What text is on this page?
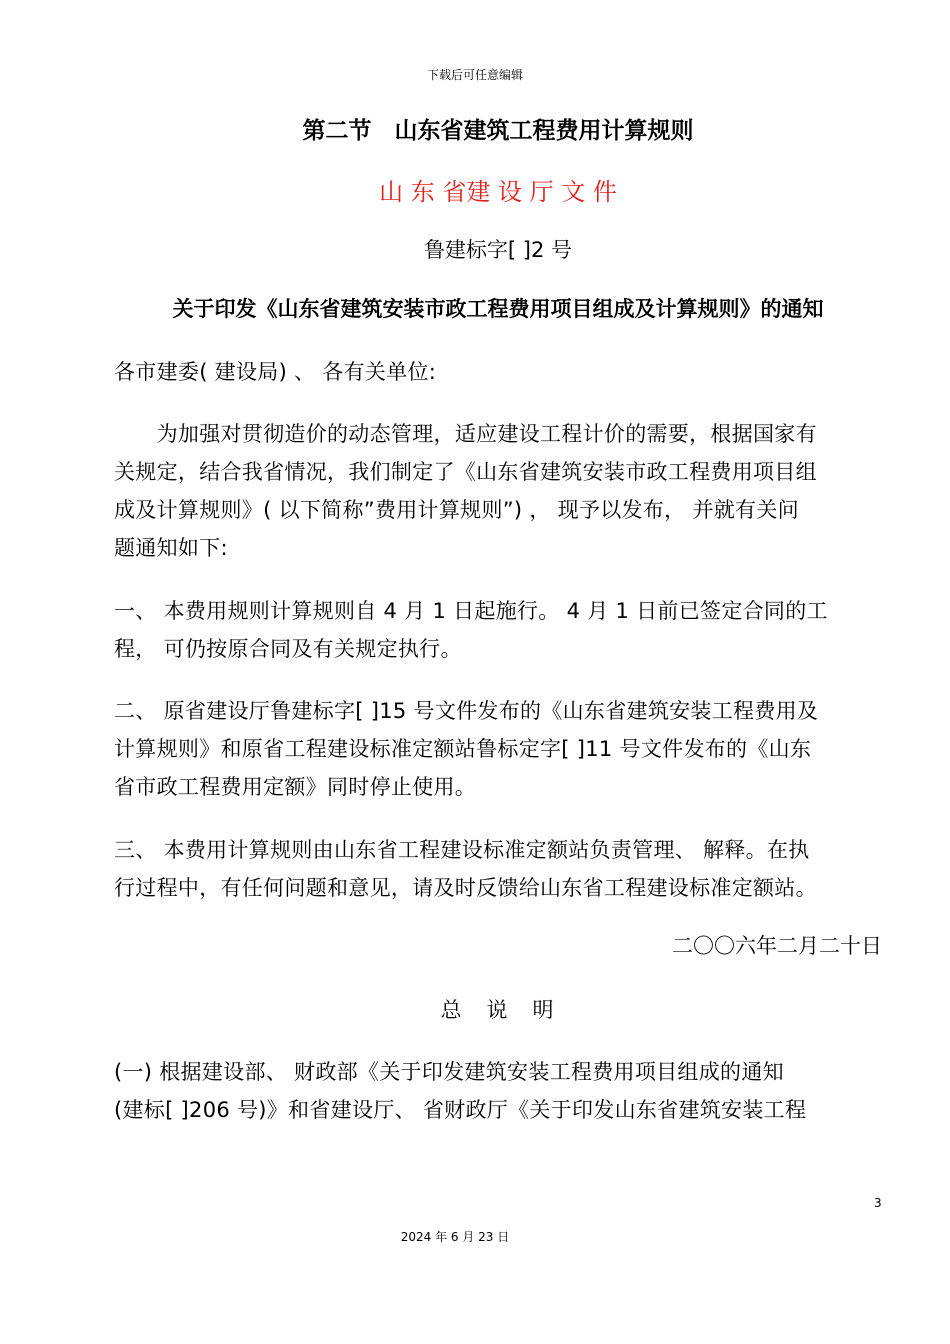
下载后可任意编辑
第二节　山东省建筑工程费用计算规则
山 东 省建 设 厅 文 件
鲁建标字[ ]2 号
关于印发《山东省建筑安装市政工程费用项目组成及计算规则》的通知
各市建委( 建设局) 、 各有关单位:
　　为加强对贯彻造价的动态管理，适应建设工程计价的需要，根据国家有
关规定，结合我省情况，我们制定了《山东省建筑安装市政工程费用项目组
成及计算规则》( 以下简称”费用计算规则”) ， 现予以发布， 并就有关问
题通知如下:
一、 本费用规则计算规则自 4 月 1 日起施行。 4 月 1 日前已签定合同的工
程， 可仍按原合同及有关规定执行。
二、 原省建设厅鲁建标字[ ]15 号文件发布的《山东省建筑安装工程费用及
计算规则》和原省工程建设标准定额站鲁标定字[ ]11 号文件发布的《山东
省市政工程费用定额》同时停止使用。
三、 本费用计算规则由山东省工程建设标准定额站负责管理、 解释。在执
行过程中，有任何问题和意见，请及时反馈给山东省工程建设标准定额站。
二〇〇六年二月二十日
总　说　明
(一) 根据建设部、 财政部《关于印发建筑安装工程费用项目组成的通知
(建标[ ]206 号)》和省建设厅、 省财政厅《关于印发山东省建筑安装工程
3
2024 年 6 月 23 日
